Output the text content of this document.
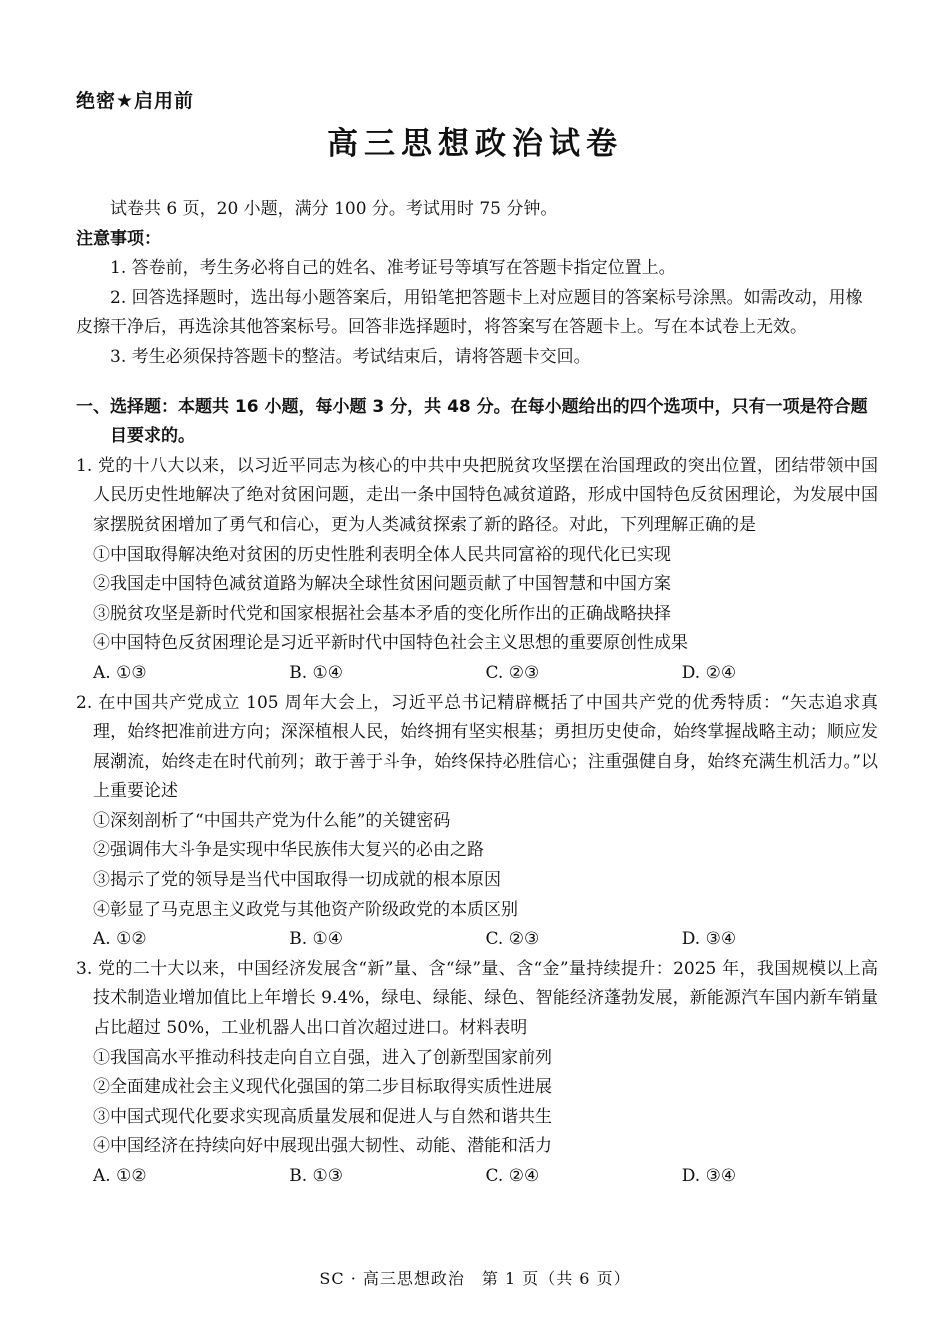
绝密★启用前
高三思想政治试卷

试卷共 6 页，20 小题，满分 100 分。考试用时 75 分钟。

注意事项：

1. 答卷前，考生务必将自己的姓名、准考证号等填写在答题卡指定位置上。

2. 回答选择题时，选出每小题答案后，用铅笔把答题卡上对应题目的答案标号涂黑。如需改动，用橡皮擦干净后，再选涂其他答案标号。回答非选择题时，将答案写在答题卡上。写在本试卷上无效。

3. 考生必须保持答题卡的整洁。考试结束后，请将答题卡交回。

一、选择题：本题共 16 小题，每小题 3 分，共 48 分。在每小题给出的四个选项中，只有一项是符合题目要求的。

1. 党的十八大以来，以习近平同志为核心的中共中央把脱贫攻坚摆在治国理政的突出位置，团结带领中国人民历史性地解决了绝对贫困问题，走出一条中国特色减贫道路，形成中国特色反贫困理论，为发展中国家摆脱贫困增加了勇气和信心，更为人类减贫探索了新的路径。对此，下列理解正确的是

①中国取得解决绝对贫困的历史性胜利表明全体人民共同富裕的现代化已实现

②我国走中国特色减贫道路为解决全球性贫困问题贡献了中国智慧和中国方案

③脱贫攻坚是新时代党和国家根据社会基本矛盾的变化所作出的正确战略抉择

④中国特色反贫困理论是习近平新时代中国特色社会主义思想的重要原创性成果

A. ①③	B. ①④	C. ②③	D. ②④

2. 在中国共产党成立 105 周年大会上，习近平总书记精辟概括了中国共产党的优秀特质：“矢志追求真理，始终把准前进方向；深深植根人民，始终拥有坚实根基；勇担历史使命，始终掌握战略主动；顺应发展潮流，始终走在时代前列；敢于善于斗争，始终保持必胜信心；注重强健自身，始终充满生机活力。”以上重要论述

①深刻剖析了“中国共产党为什么能”的关键密码

②强调伟大斗争是实现中华民族伟大复兴的必由之路

③揭示了党的领导是当代中国取得一切成就的根本原因

④彰显了马克思主义政党与其他资产阶级政党的本质区别

A. ①②	B. ①④	C. ②③	D. ③④

3. 党的二十大以来，中国经济发展含“新”量、含“绿”量、含“金”量持续提升：2025 年，我国规模以上高技术制造业增加值比上年增长 9.4%，绿电、绿能、绿色、智能经济蓬勃发展，新能源汽车国内新车销量占比超过 50%，工业机器人出口首次超过进口。材料表明

①我国高水平推动科技走向自立自强，进入了创新型国家前列

②全面建成社会主义现代化强国的第二步目标取得实质性进展

③中国式现代化要求实现高质量发展和促进人与自然和谐共生

④中国经济在持续向好中展现出强大韧性、动能、潜能和活力

A. ①②	B. ①③	C. ②④	D. ③④
SC · 高三思想政治　第 1 页（共 6 页）
